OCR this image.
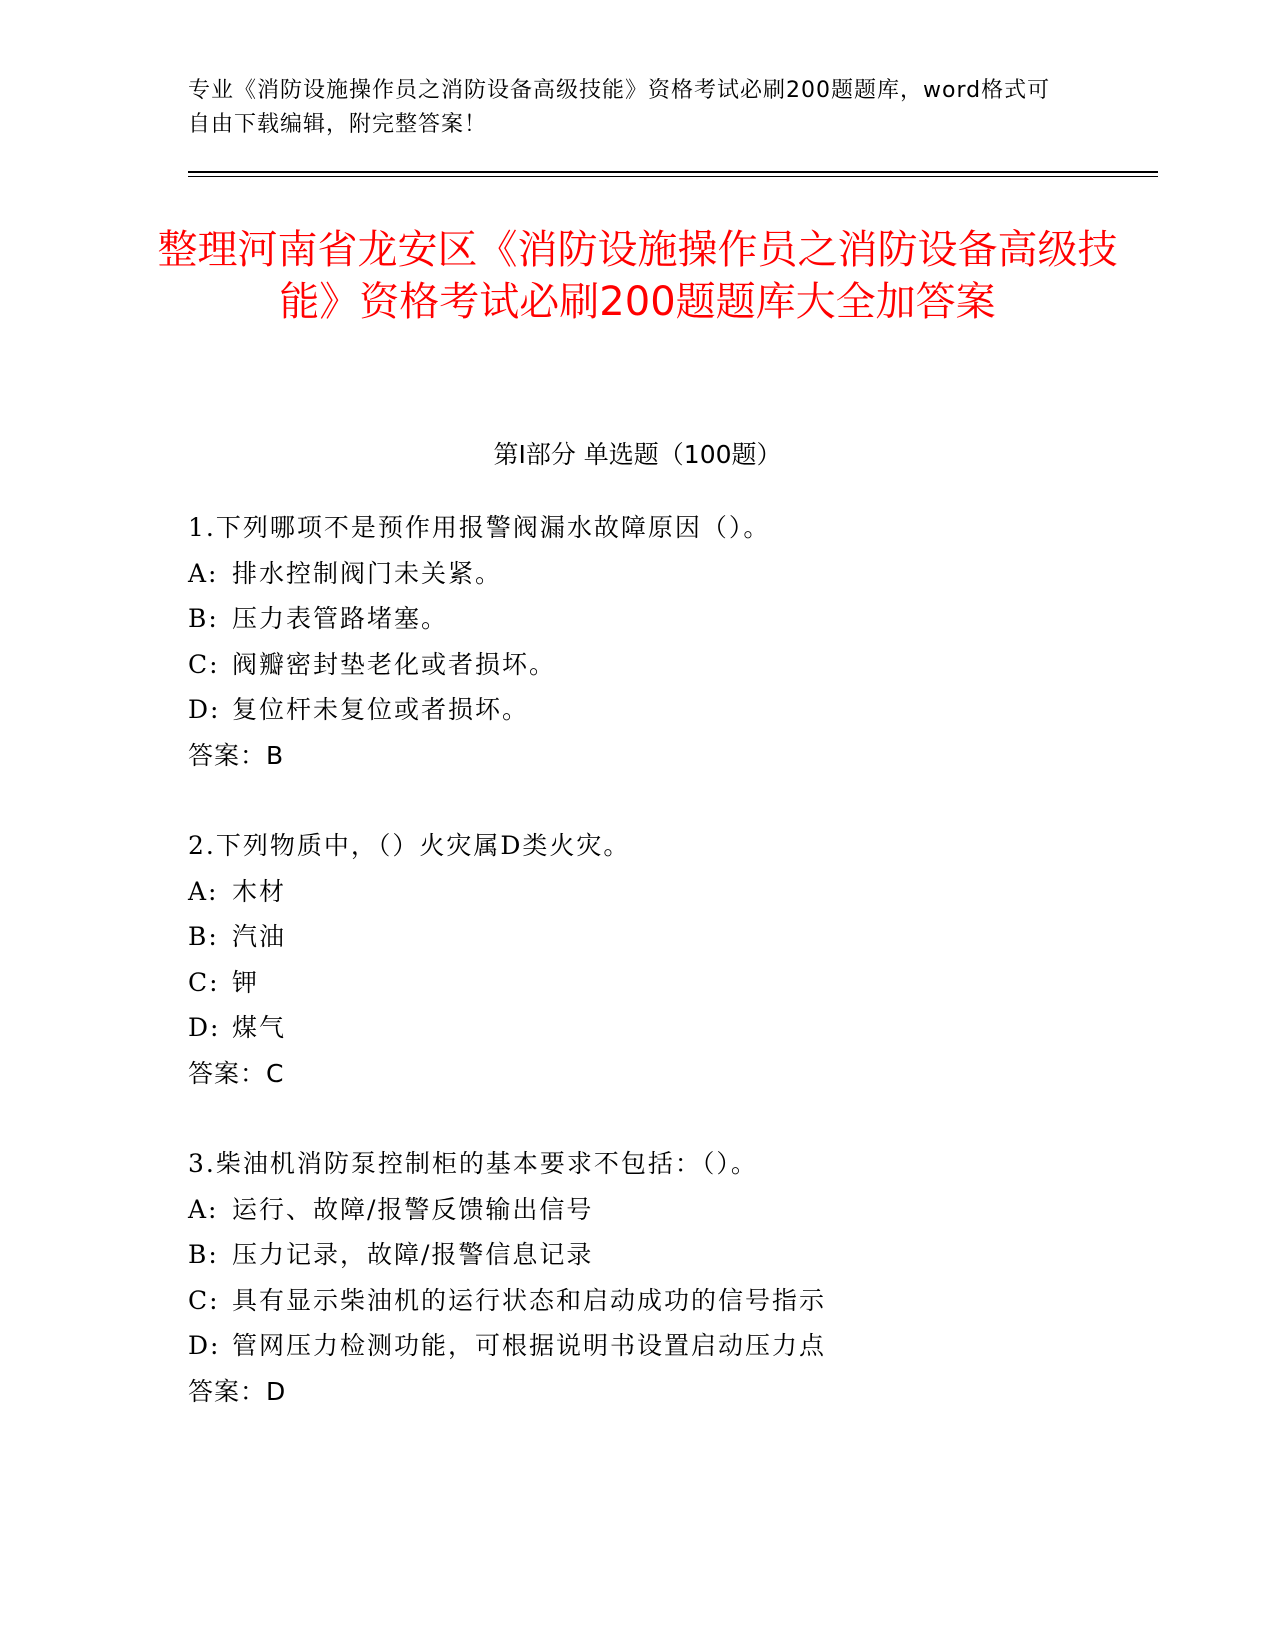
专业《消防设施操作员之消防设备高级技能》资格考试必刷200题题库，word格式可自由下载编辑，附完整答案！
整理河南省龙安区《消防设施操作员之消防设备高级技能》资格考试必刷200题题库大全加答案
第Ⅰ部分 单选题（100题）
1.下列哪项不是预作用报警阀漏水故障原因（）。
A: 排水控制阀门未关紧。
B: 压力表管路堵塞。
C: 阀瓣密封垫老化或者损坏。
D: 复位杆未复位或者损坏。
答案：B
2.下列物质中，（）火灾属D类火灾。
A: 木材
B: 汽油
C: 钾
D: 煤气
答案：C
3.柴油机消防泵控制柜的基本要求不包括：（）。
A: 运行、故障/报警反馈输出信号
B: 压力记录，故障/报警信息记录
C: 具有显示柴油机的运行状态和启动成功的信号指示
D: 管网压力检测功能，可根据说明书设置启动压力点
答案：D
